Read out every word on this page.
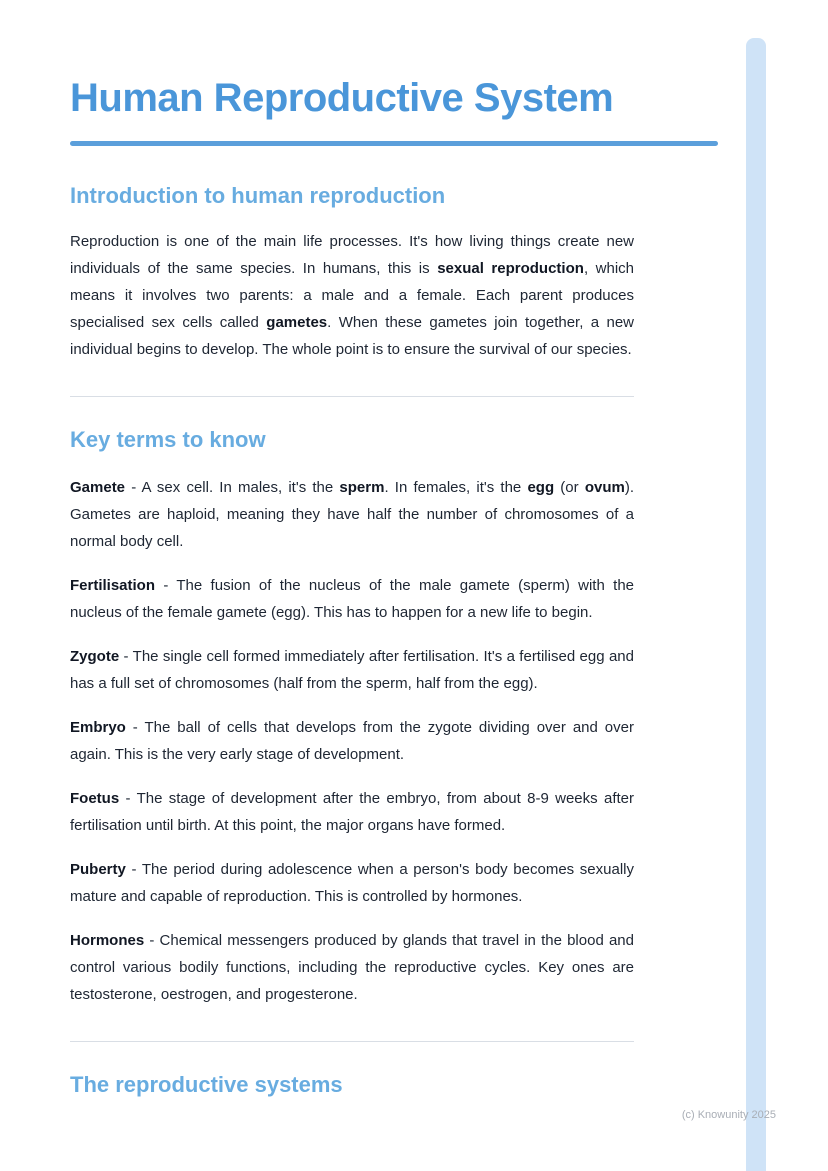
Human Reproductive System
Introduction to human reproduction

Reproduction is one of the main life processes. It's how living things create new individuals of the same species. In humans, this is sexual reproduction, which means it involves two parents: a male and a female. Each parent produces specialised sex cells called gametes. When these gametes join together, a new individual begins to develop. The whole point is to ensure the survival of our species.

Key terms to know

Gamete - A sex cell. In males, it's the sperm. In females, it's the egg (or ovum). Gametes are haploid, meaning they have half the number of chromosomes of a normal body cell.

Fertilisation - The fusion of the nucleus of the male gamete (sperm) with the nucleus of the female gamete (egg). This has to happen for a new life to begin.

Zygote - The single cell formed immediately after fertilisation. It's a fertilised egg and has a full set of chromosomes (half from the sperm, half from the egg).

Embryo - The ball of cells that develops from the zygote dividing over and over again. This is the very early stage of development.

Foetus - The stage of development after the embryo, from about 8-9 weeks after fertilisation until birth. At this point, the major organs have formed.

Puberty - The period during adolescence when a person's body becomes sexually mature and capable of reproduction. This is controlled by hormones.

Hormones - Chemical messengers produced by glands that travel in the blood and control various bodily functions, including the reproductive cycles. Key ones are testosterone, oestrogen, and progesterone.

The reproductive systems
(c) Knowunity 2025
